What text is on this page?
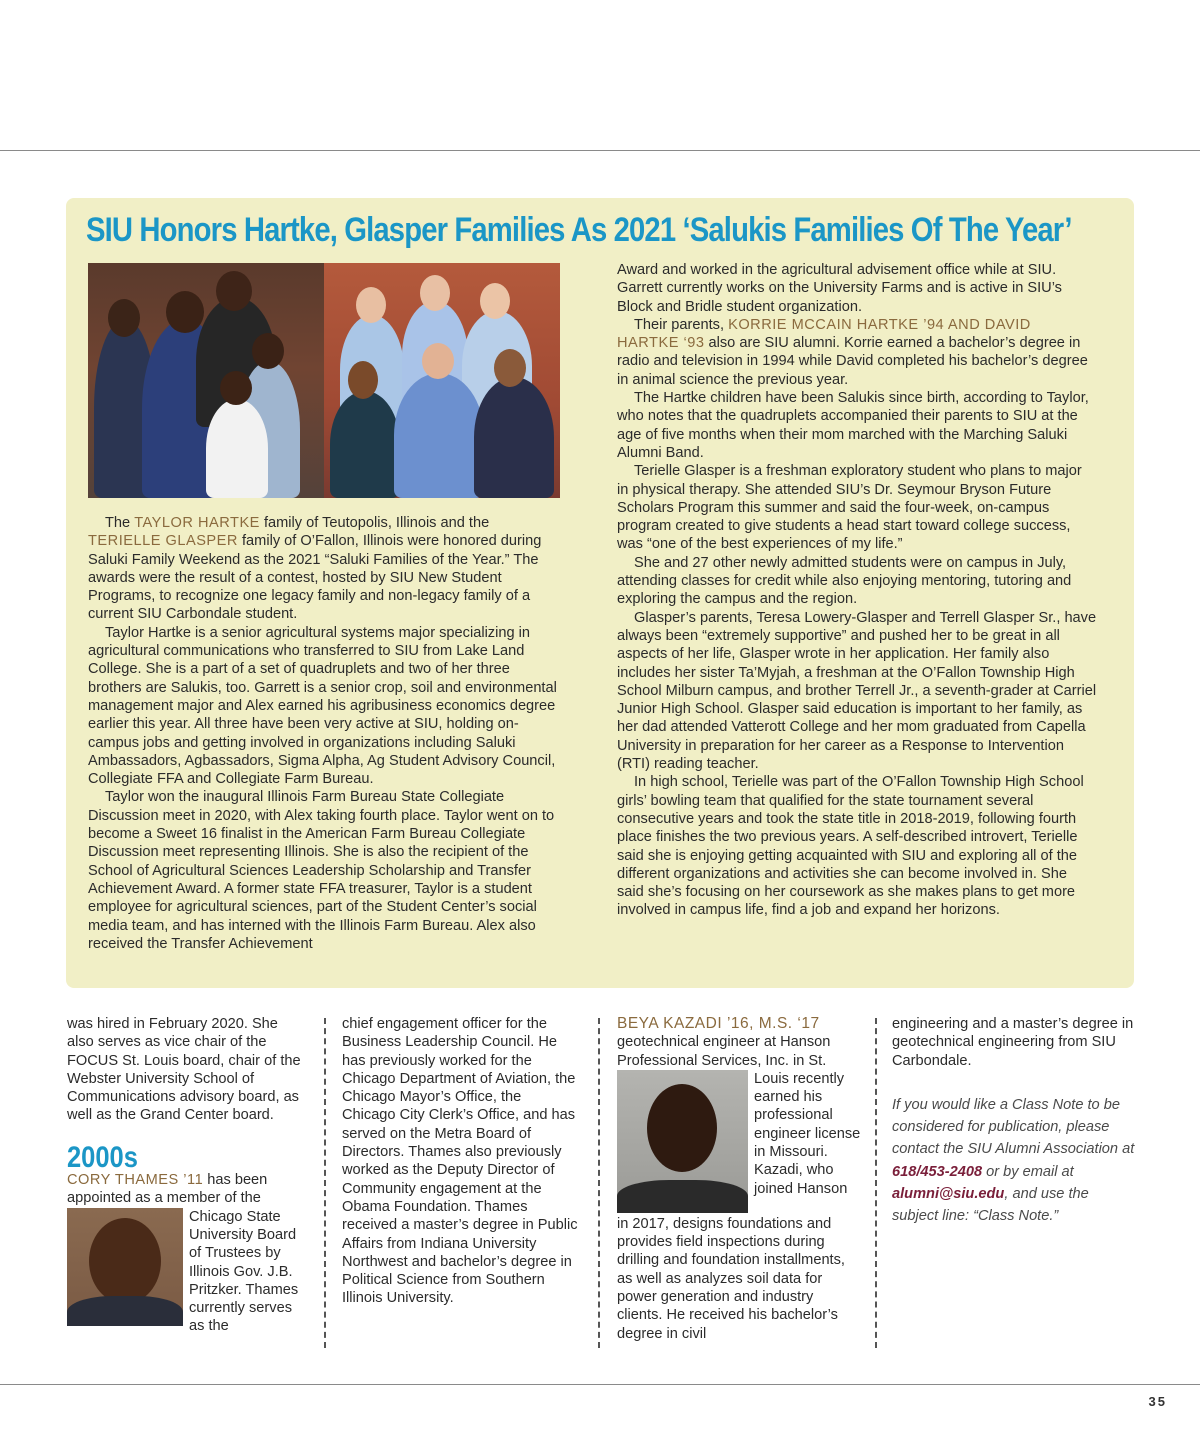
SIU Honors Hartke, Glasper Families As 2021 ‘Salukis Families Of The Year’

The TAYLOR HARTKE family of Teutopolis, Illinois and the TERIELLE GLASPER family of O’Fallon, Illinois were honored during Saluki Family Weekend as the 2021 “Saluki Families of the Year.” The awards were the result of a contest, hosted by SIU New Student Programs, to recognize one legacy family and non-legacy family of a current SIU Carbondale student.

Taylor Hartke is a senior agricultural systems major specializing in agricultural communications who transferred to SIU from Lake Land College. She is a part of a set of quadruplets and two of her three brothers are Salukis, too. Garrett is a senior crop, soil and environmental management major and Alex earned his agribusiness economics degree earlier this year. All three have been very active at SIU, holding on-campus jobs and getting involved in organizations including Saluki Ambassadors, Agbassadors, Sigma Alpha, Ag Student Advisory Council, Collegiate FFA and Collegiate Farm Bureau.

Taylor won the inaugural Illinois Farm Bureau State Collegiate Discussion meet in 2020, with Alex taking fourth place. Taylor went on to become a Sweet 16 finalist in the American Farm Bureau Collegiate Discussion meet representing Illinois. She is also the recipient of the School of Agricultural Sciences Leadership Scholarship and Transfer Achievement Award. A former state FFA treasurer, Taylor is a student employee for agricultural sciences, part of the Student Center’s social media team, and has interned with the Illinois Farm Bureau. Alex also received the Transfer Achievement

Award and worked in the agricultural advisement office while at SIU. Garrett currently works on the University Farms and is active in SIU’s Block and Bridle student organization.

Their parents, KORRIE MCCAIN HARTKE ’94 AND DAVID HARTKE ‘93 also are SIU alumni. Korrie earned a bachelor’s degree in radio and television in 1994 while David completed his bachelor’s degree in animal science the previous year.

The Hartke children have been Salukis since birth, according to Taylor, who notes that the quadruplets accompanied their parents to SIU at the age of five months when their mom marched with the Marching Saluki Alumni Band.

Terielle Glasper is a freshman exploratory student who plans to major in physical therapy. She attended SIU’s Dr. Seymour Bryson Future Scholars Program this summer and said the four-week, on-campus program created to give students a head start toward college success, was “one of the best experiences of my life.”

She and 27 other newly admitted students were on campus in July, attending classes for credit while also enjoying mentoring, tutoring and exploring the campus and the region.

Glasper’s parents, Teresa Lowery-Glasper and Terrell Glasper Sr., have always been “extremely supportive” and pushed her to be great in all aspects of her life, Glasper wrote in her application. Her family also includes her sister Ta’Myjah, a freshman at the O’Fallon Township High School Milburn campus, and brother Terrell Jr., a seventh-grader at Carriel Junior High School. Glasper said education is important to her family, as her dad attended Vatterott College and her mom graduated from Capella University in preparation for her career as a Response to Intervention (RTI) reading teacher.

In high school, Terielle was part of the O’Fallon Township High School girls’ bowling team that qualified for the state tournament several consecutive years and took the state title in 2018-2019, following fourth place finishes the two previous years. A self-described introvert, Terielle said she is enjoying getting acquainted with SIU and exploring all of the different organizations and activities she can become involved in. She said she’s focusing on her coursework as she makes plans to get more involved in campus life, find a job and expand her horizons.

was hired in February 2020. She also serves as vice chair of the FOCUS St. Louis board, chair of the Webster University School of Communications advisory board, as well as the Grand Center board.
2000s
CORY THAMES ’11 has been appointed as a member of the
Chicago State University Board of Trustees by Illinois Gov. J.B. Pritzker. Thames currently serves as the
chief engagement officer for the Business Leadership Council. He has previously worked for the Chicago Department of Aviation, the Chicago Mayor’s Office, the Chicago City Clerk’s Office, and has served on the Metra Board of Directors. Thames also previously worked as the Deputy Director of Community engagement at the Obama Foundation. Thames received a master’s degree in Public Affairs from Indiana University Northwest and bachelor’s degree in Political Science from Southern Illinois University.
BEYA KAZADI ’16, M.S. ‘17
geotechnical engineer at Hanson Professional Services, Inc. in St.
Louis recently earned his professional engineer license in Missouri. Kazadi, who joined Hanson
in 2017, designs foundations and provides field inspections during drilling and foundation installments, as well as analyzes soil data for power generation and industry clients. He received his bachelor’s degree in civil
engineering and a master’s degree in geotechnical engineering from SIU Carbondale.
If you would like a Class Note to be considered for publication, please contact the SIU Alumni Association at 618/453-2408 or by email at alumni@siu.edu, and use the subject line: “Class Note.”
35
